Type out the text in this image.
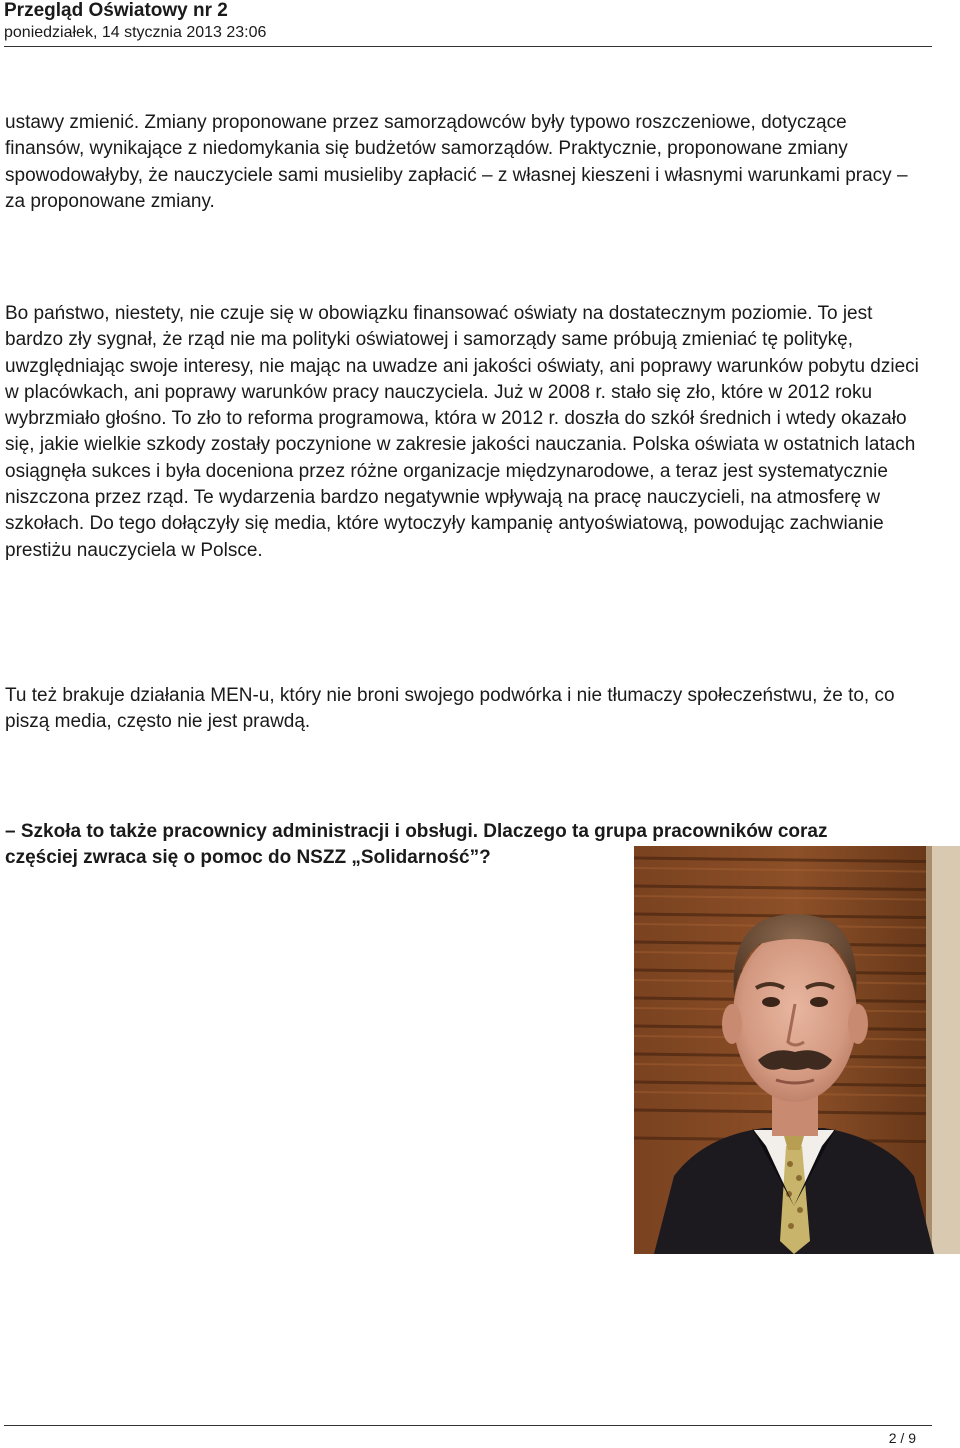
Przegląd Oświatowy nr 2

poniedziałek, 14 stycznia 2013 23:06

ustawy zmienić. Zmiany proponowane przez samorządowców były typowo roszczeniowe, dotyczące finansów, wynikające z niedomykania się budżetów samorządów. Praktycznie, proponowane zmiany spowodowałyby, że nauczyciele sami musieliby zapłacić – z własnej kieszeni i własnymi warunkami pracy – za proponowane zmiany.

Bo państwo, niestety, nie czuje się w obowiązku finansować oświaty na dostatecznym poziomie. To jest bardzo zły sygnał, że rząd nie ma polityki oświatowej i samorządy same próbują zmieniać tę politykę, uwzględniając swoje interesy, nie mając na uwadze ani jakości oświaty, ani poprawy warunków pobytu dzieci w placówkach, ani poprawy warunków pracy nauczyciela. Już w 2008 r. stało się zło, które w 2012 roku wybrzmiało głośno. To zło to reforma programowa, która w 2012 r. doszła do szkół średnich i wtedy okazało się, jakie wielkie szkody zostały poczynione w zakresie jakości nauczania. Polska oświata w ostatnich latach osiągnęła sukces i była doceniona przez różne organizacje międzynarodowe, a teraz jest systematycznie niszczona przez rząd. Te wydarzenia bardzo negatywnie wpływają na pracę nauczycieli, na atmosferę w szkołach. Do tego dołączyły się media, które wytoczyły kampanię antyoświatową, powodując zachwianie prestiżu nauczyciela w Polsce.

Tu też brakuje działania MEN-u, który nie broni swojego podwórka i nie tłumaczy społeczeństwu, że to, co piszą media, często nie jest prawdą.

– Szkoła to także pracownicy administracji i obsługi. Dlaczego ta grupa pracowników coraz częściej zwraca się o pomoc do NSZZ „Solidarność”?

2 / 9
